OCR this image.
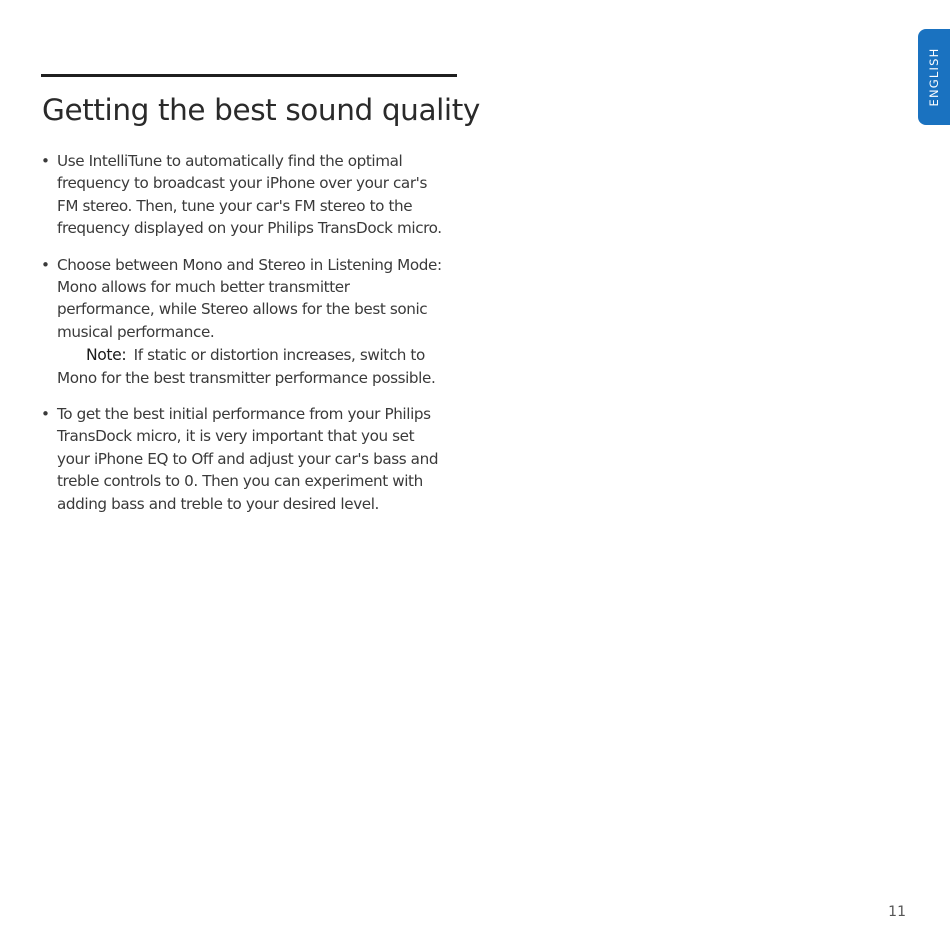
Getting the best sound quality
• Use IntelliTune to automatically find the optimal frequency to broadcast your iPhone over your car's FM stereo. Then, tune your car's FM stereo to the frequency displayed on your Philips TransDock micro.
• Choose between Mono and Stereo in Listening Mode: Mono allows for much better transmitter performance, while Stereo allows for the best sonic musical performance.
Note: If static or distortion increases, switch to Mono for the best transmitter performance possible.
• To get the best initial performance from your Philips TransDock micro, it is very important that you set your iPhone EQ to Off and adjust your car's bass and treble controls to 0. Then you can experiment with adding bass and treble to your desired level.
ENGLISH
11
